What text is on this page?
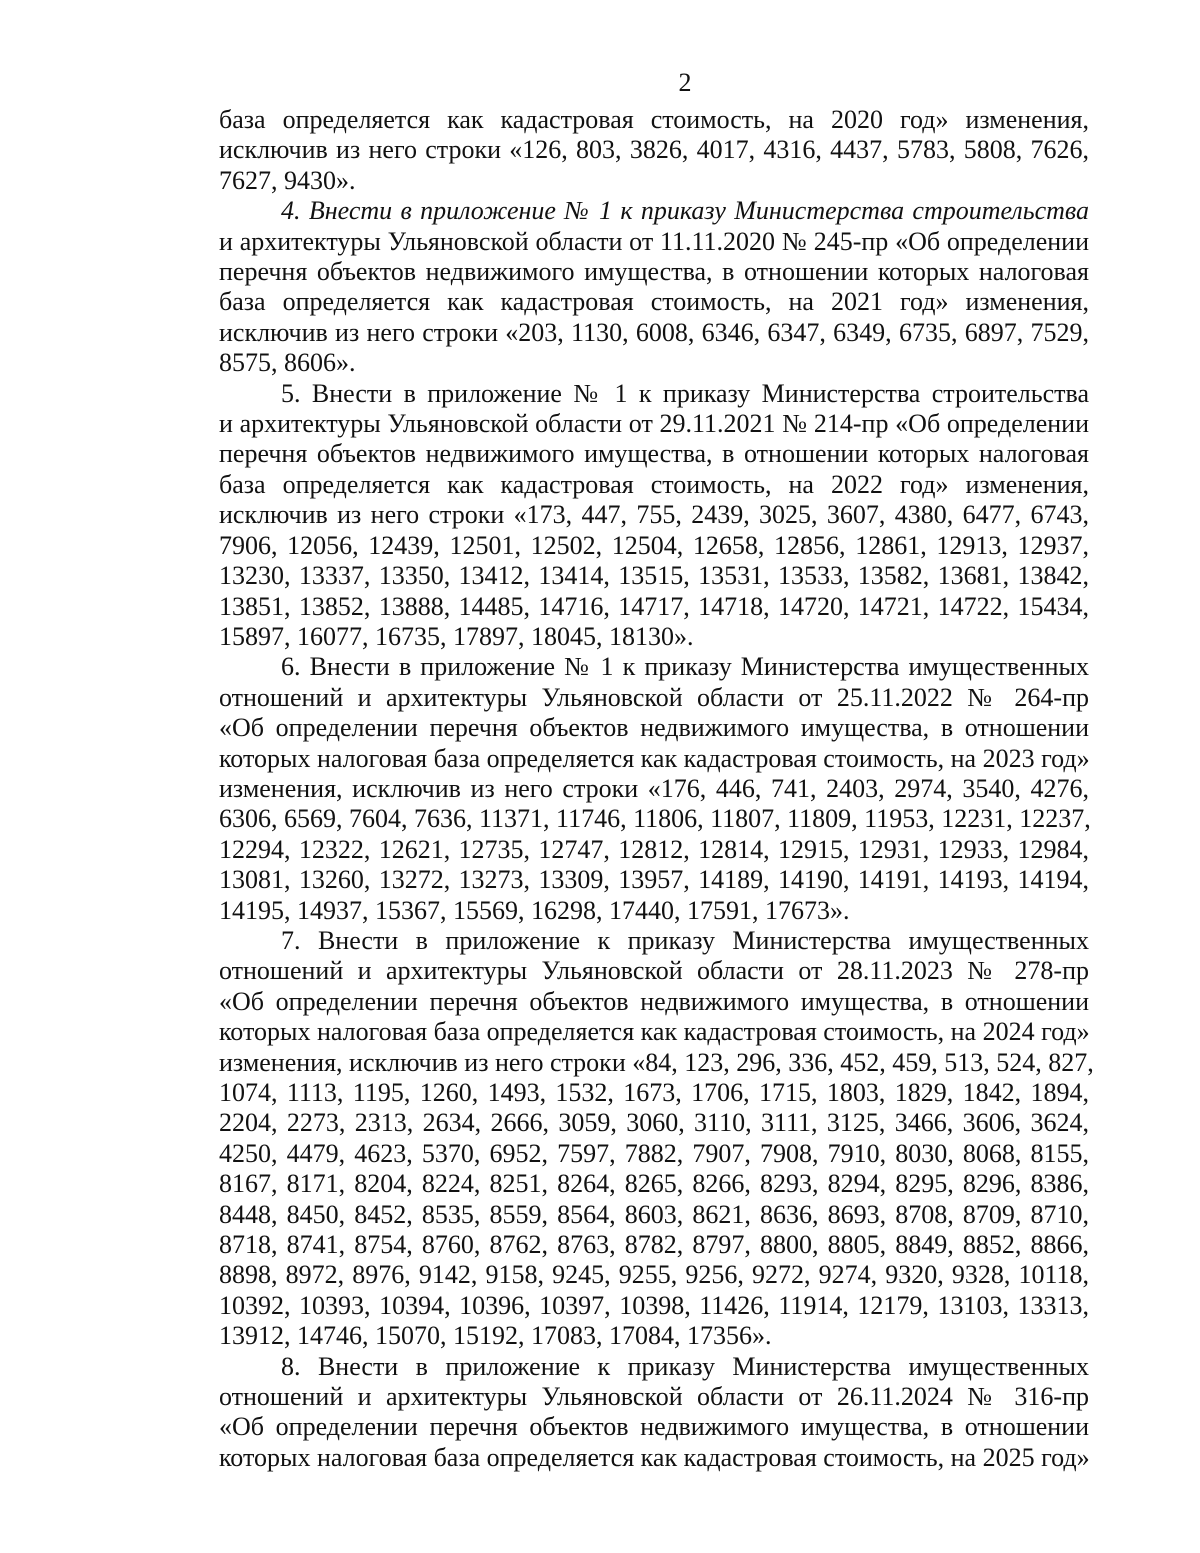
2

база определяется как кадастровая стоимость, на 2020 год» изменения,
исключив из него строки «126, 803, 3826, 4017, 4316, 4437, 5783, 5808, 7626,
7627, 9430».

4. Внести в приложение № 1 к приказу Министерства строительства
и архитектуры Ульяновской области от 11.11.2020 № 245-пр «Об определении
перечня объектов недвижимого имущества, в отношении которых налоговая
база определяется как кадастровая стоимость, на 2021 год» изменения,
исключив из него строки «203, 1130, 6008, 6346, 6347, 6349, 6735, 6897, 7529,
8575, 8606».

5. Внести в приложение № 1 к приказу Министерства строительства
и архитектуры Ульяновской области от 29.11.2021 № 214-пр «Об определении
перечня объектов недвижимого имущества, в отношении которых налоговая
база определяется как кадастровая стоимость, на 2022 год» изменения,
исключив из него строки «173, 447, 755, 2439, 3025, 3607, 4380, 6477, 6743,
7906, 12056, 12439, 12501, 12502, 12504, 12658, 12856, 12861, 12913, 12937,
13230, 13337, 13350, 13412, 13414, 13515, 13531, 13533, 13582, 13681, 13842,
13851, 13852, 13888, 14485, 14716, 14717, 14718, 14720, 14721, 14722, 15434,
15897, 16077, 16735, 17897, 18045, 18130».

6. Внести в приложение № 1 к приказу Министерства имущественных
отношений и архитектуры Ульяновской области от 25.11.2022 № 264-пр
«Об определении перечня объектов недвижимого имущества, в отношении
которых налоговая база определяется как кадастровая стоимость, на 2023 год»
изменения, исключив из него строки «176, 446, 741, 2403, 2974, 3540, 4276,
6306, 6569, 7604, 7636, 11371, 11746, 11806, 11807, 11809, 11953, 12231, 12237,
12294, 12322, 12621, 12735, 12747, 12812, 12814, 12915, 12931, 12933, 12984,
13081, 13260, 13272, 13273, 13309, 13957, 14189, 14190, 14191, 14193, 14194,
14195, 14937, 15367, 15569, 16298, 17440, 17591, 17673».

7. Внести в приложение к приказу Министерства имущественных
отношений и архитектуры Ульяновской области от 28.11.2023 № 278-пр
«Об определении перечня объектов недвижимого имущества, в отношении
которых налоговая база определяется как кадастровая стоимость, на 2024 год»
изменения, исключив из него строки «84, 123, 296, 336, 452, 459, 513, 524, 827,
1074, 1113, 1195, 1260, 1493, 1532, 1673, 1706, 1715, 1803, 1829, 1842, 1894,
2204, 2273, 2313, 2634, 2666, 3059, 3060, 3110, 3111, 3125, 3466, 3606, 3624,
4250, 4479, 4623, 5370, 6952, 7597, 7882, 7907, 7908, 7910, 8030, 8068, 8155,
8167, 8171, 8204, 8224, 8251, 8264, 8265, 8266, 8293, 8294, 8295, 8296, 8386,
8448, 8450, 8452, 8535, 8559, 8564, 8603, 8621, 8636, 8693, 8708, 8709, 8710,
8718, 8741, 8754, 8760, 8762, 8763, 8782, 8797, 8800, 8805, 8849, 8852, 8866,
8898, 8972, 8976, 9142, 9158, 9245, 9255, 9256, 9272, 9274, 9320, 9328, 10118,
10392, 10393, 10394, 10396, 10397, 10398, 11426, 11914, 12179, 13103, 13313,
13912, 14746, 15070, 15192, 17083, 17084, 17356».

8. Внести в приложение к приказу Министерства имущественных
отношений и архитектуры Ульяновской области от 26.11.2024 № 316-пр
«Об определении перечня объектов недвижимого имущества, в отношении
которых налоговая база определяется как кадастровая стоимость, на 2025 год»
